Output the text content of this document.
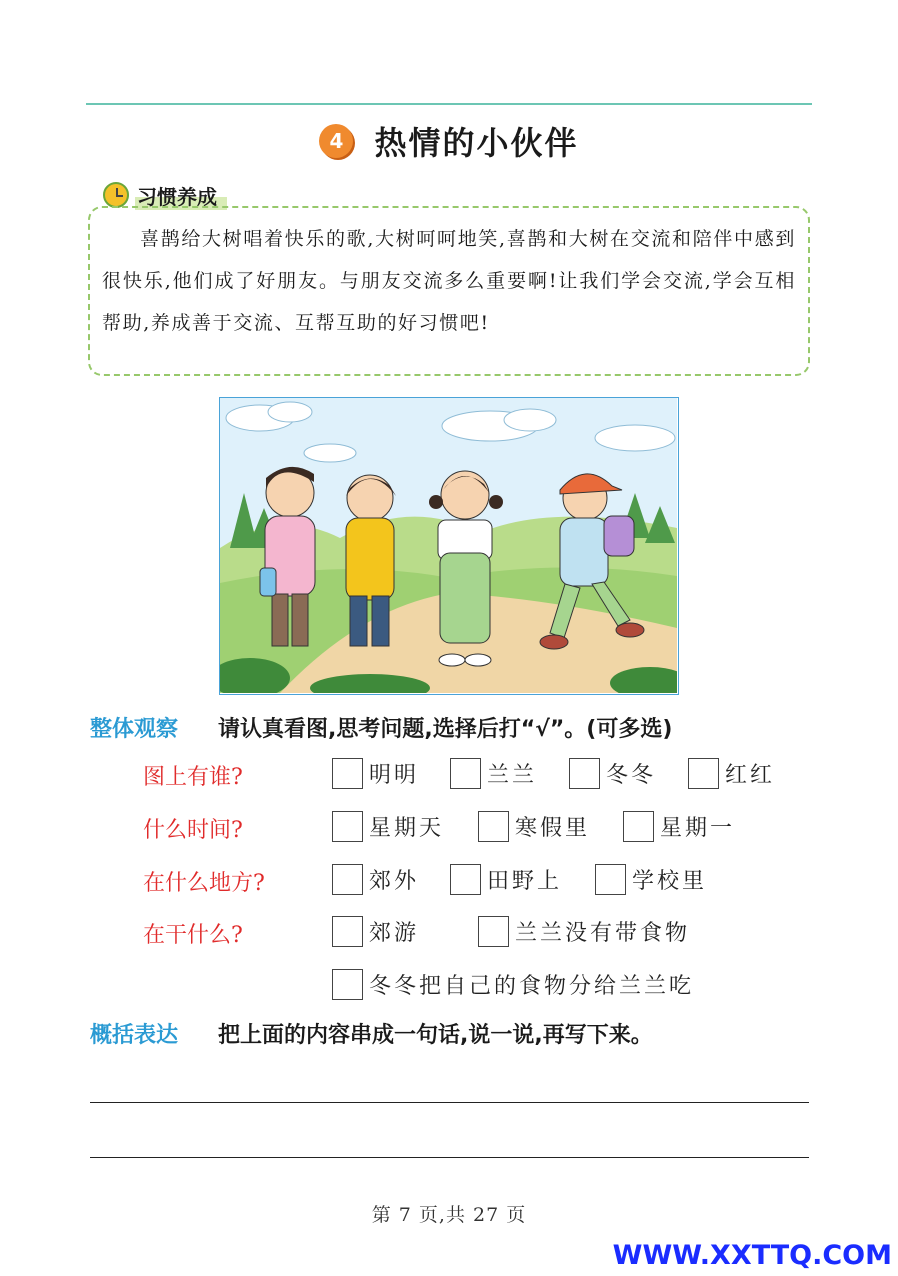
4 热情的小伙伴
习惯养成

喜鹊给大树唱着快乐的歌,大树呵呵地笑,喜鹊和大树在交流和陪伴中感到很快乐,他们成了好朋友。与朋友交流多么重要啊!让我们学会交流,学会互相帮助,养成善于交流、互帮互助的好习惯吧!

整体观察 请认真看图,思考问题,选择后打“√”。(可多选)
图上有谁?	明明	兰兰	冬冬	红红
什么时间?	星期天	寒假里	星期一
在什么地方?	郊外	田野上	学校里
在干什么?	郊游	兰兰没有带食物
冬冬把自己的食物分给兰兰吃
概括表达 把上面的内容串成一句话,说一说,再写下来。
第 7 页,共 27 页
WWW.XXTTQ.COM
